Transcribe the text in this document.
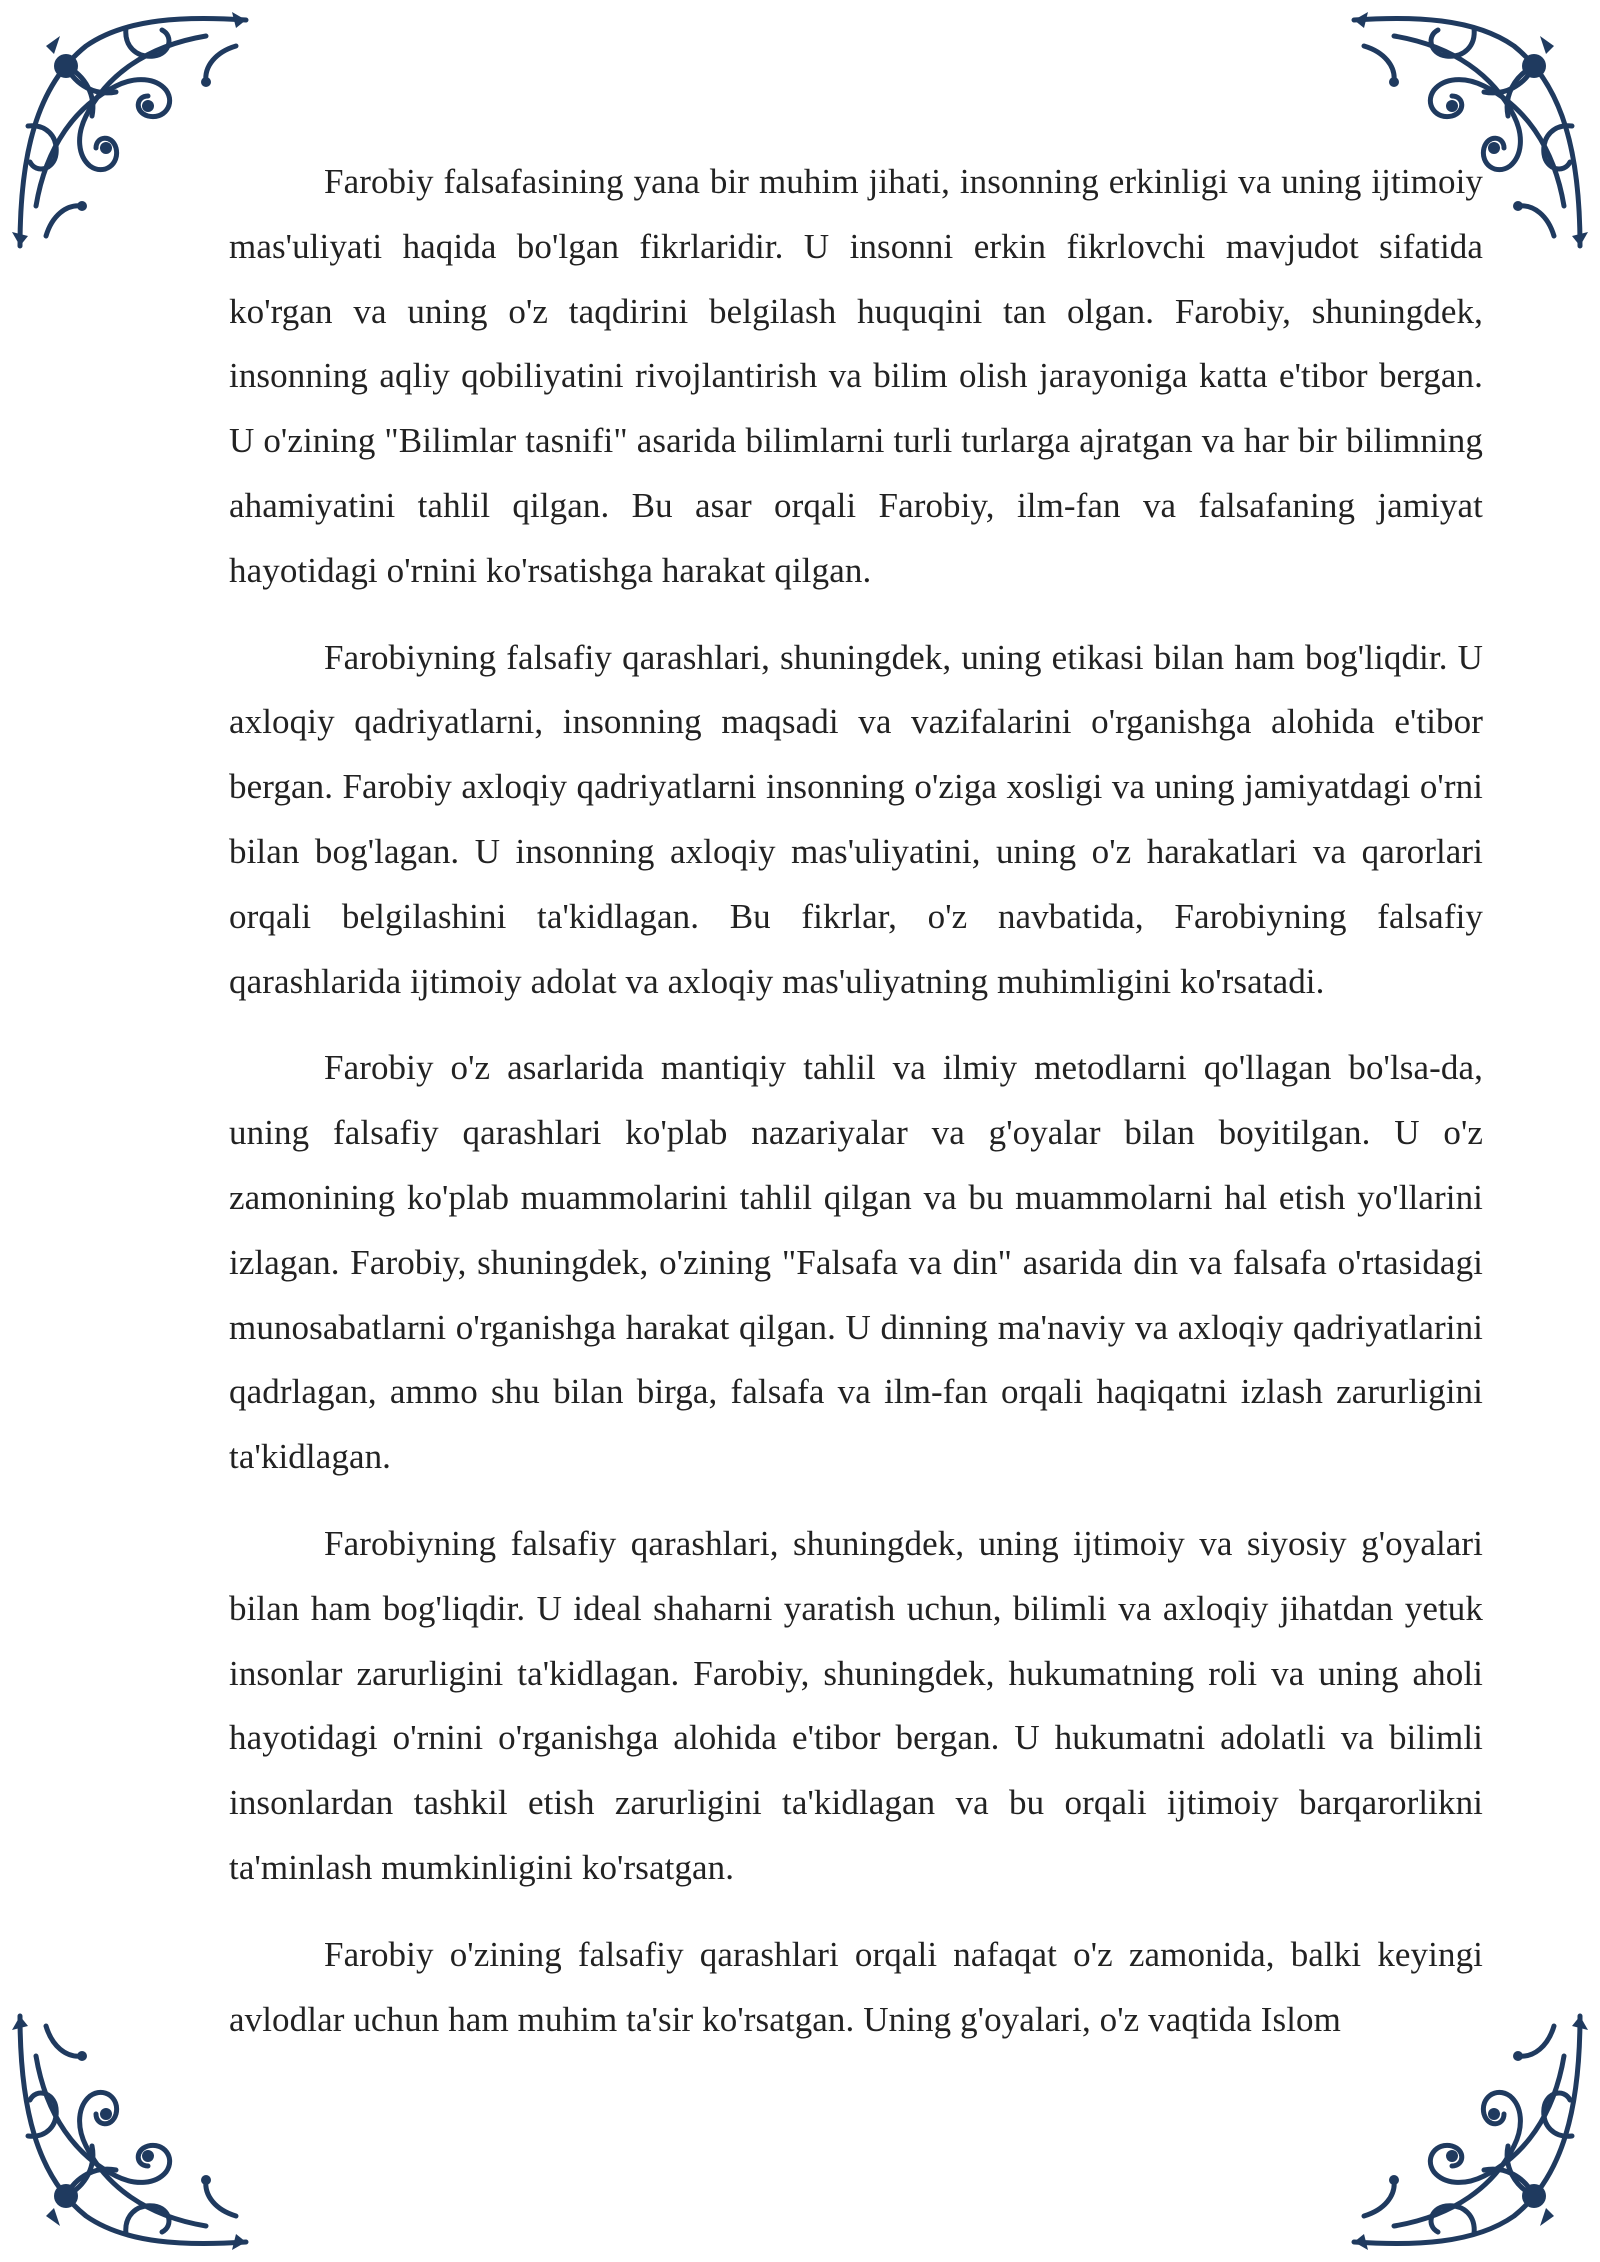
Farobiy falsafasining yana bir muhim jihati, insonning erkinligi va uning ijtimoiy mas'uliyati haqida bo'lgan fikrlaridir. U insonni erkin fikrlovchi mavjudot sifatida ko'rgan va uning o'z taqdirini belgilash huquqini tan olgan. Farobiy, shuningdek, insonning aqliy qobiliyatini rivojlantirish va bilim olish jarayoniga katta e'tibor bergan. U o'zining "Bilimlar tasnifi" asarida bilimlarni turli turlarga ajratgan va har bir bilimning ahamiyatini tahlil qilgan. Bu asar orqali Farobiy, ilm-fan va falsafaning jamiyat hayotidagi o'rnini ko'rsatishga harakat qilgan.

Farobiyning falsafiy qarashlari, shuningdek, uning etikasi bilan ham bog'liqdir. U axloqiy qadriyatlarni, insonning maqsadi va vazifalarini o'rganishga alohida e'tibor bergan. Farobiy axloqiy qadriyatlarni insonning o'ziga xosligi va uning jamiyatdagi o'rni bilan bog'lagan. U insonning axloqiy mas'uliyatini, uning o'z harakatlari va qarorlari orqali belgilashini ta'kidlagan. Bu fikrlar, o'z navbatida, Farobiyning falsafiy qarashlarida ijtimoiy adolat va axloqiy mas'uliyatning muhimligini ko'rsatadi.

Farobiy o'z asarlarida mantiqiy tahlil va ilmiy metodlarni qo'llagan bo'lsa-da, uning falsafiy qarashlari ko'plab nazariyalar va g'oyalar bilan boyitilgan. U o'z zamonining ko'plab muammolarini tahlil qilgan va bu muammolarni hal etish yo'llarini izlagan. Farobiy, shuningdek, o'zining "Falsafa va din" asarida din va falsafa o'rtasidagi munosabatlarni o'rganishga harakat qilgan. U dinning ma'naviy va axloqiy qadriyatlarini qadrlagan, ammo shu bilan birga, falsafa va ilm-fan orqali haqiqatni izlash zarurligini ta'kidlagan.

Farobiyning falsafiy qarashlari, shuningdek, uning ijtimoiy va siyosiy g'oyalari bilan ham bog'liqdir. U ideal shaharni yaratish uchun, bilimli va axloqiy jihatdan yetuk insonlar zarurligini ta'kidlagan. Farobiy, shuningdek, hukumatning roli va uning aholi hayotidagi o'rnini o'rganishga alohida e'tibor bergan. U hukumatni adolatli va bilimli insonlardan tashkil etish zarurligini ta'kidlagan va bu orqali ijtimoiy barqarorlikni ta'minlash mumkinligini ko'rsatgan.

Farobiy o'zining falsafiy qarashlari orqali nafaqat o'z zamonida, balki keyingi avlodlar uchun ham muhim ta'sir ko'rsatgan. Uning g'oyalari, o'z vaqtida Islom
